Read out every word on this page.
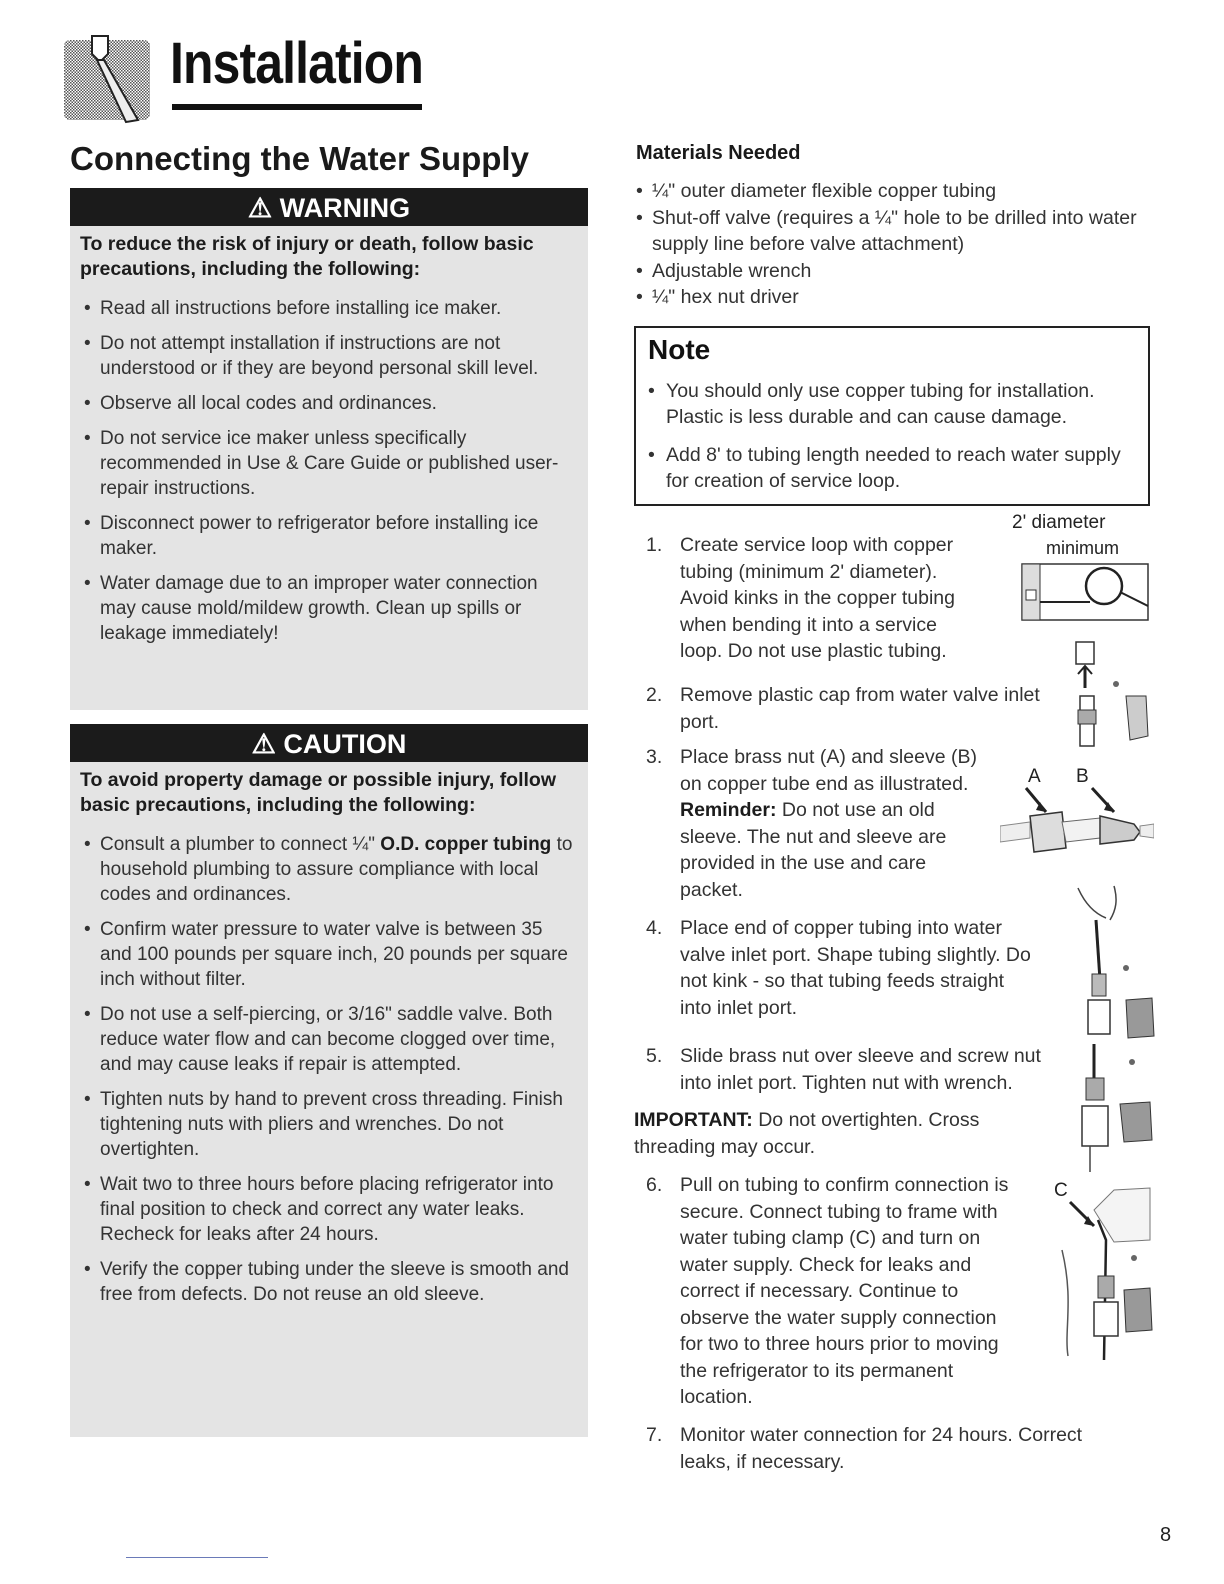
Installation
Connecting the Water Supply
⚠ WARNING
To reduce the risk of injury or death, follow basic precautions, including the following:
• Read all instructions before installing ice maker.
• Do not attempt installation if instructions are not understood or if they are beyond personal skill level.
• Observe all local codes and ordinances.
• Do not service ice maker unless specifically recommended in Use & Care Guide or published user-repair instructions.
• Disconnect power to refrigerator before installing ice maker.
• Water damage due to an improper water connection may cause mold/mildew growth. Clean up spills or leakage immediately!
⚠ CAUTION
To avoid property damage or possible injury, follow basic precautions, including the following:
• Consult a plumber to connect ¼" O.D. copper tubing to household plumbing to assure compliance with local codes and ordinances.
• Confirm water pressure to water valve is between 35 and 100 pounds per square inch, 20 pounds per square inch without filter.
• Do not use a self-piercing, or 3/16" saddle valve. Both reduce water flow and can become clogged over time, and may cause leaks if repair is attempted.
• Tighten nuts by hand to prevent cross threading. Finish tightening nuts with pliers and wrenches. Do not overtighten.
• Wait two to three hours before placing refrigerator into final position to check and correct any water leaks. Recheck for leaks after 24 hours.
• Verify the copper tubing under the sleeve is smooth and free from defects. Do not reuse an old sleeve.
Materials Needed
• ¼" outer diameter flexible copper tubing
• Shut-off valve (requires a ¼" hole to be drilled into water supply line before valve attachment)
• Adjustable wrench
• ¼" hex nut driver
Note
• You should only use copper tubing for installation. Plastic is less durable and can cause damage.
• Add 8' to tubing length needed to reach water supply for creation of service loop.
1. Create service loop with copper
tubing (minimum 2' diameter).
Avoid kinks in the copper tubing
when bending it into a service
loop. Do not use plastic tubing.
2. Remove plastic cap from water valve inlet
port.
3. Place brass nut (A) and sleeve (B)
on copper tube end as illustrated.
Reminder: Do not use an old
sleeve. The nut and sleeve are
provided in the use and care
packet.
4. Place end of copper tubing into water
valve inlet port. Shape tubing slightly. Do
not kink - so that tubing feeds straight
into inlet port.
5. Slide brass nut over sleeve and screw nut
into inlet port. Tighten nut with wrench.
IMPORTANT: Do not overtighten. Cross
threading may occur.
6. Pull on tubing to confirm connection is
secure. Connect tubing to frame with
water tubing clamp (C) and turn on
water supply. Check for leaks and
correct if necessary. Continue to
observe the water supply connection
for two to three hours prior to moving
the refrigerator to its permanent
location.
7. Monitor water connection for 24 hours. Correct
leaks, if necessary.
2' diameter
minimum
A B
C
8
